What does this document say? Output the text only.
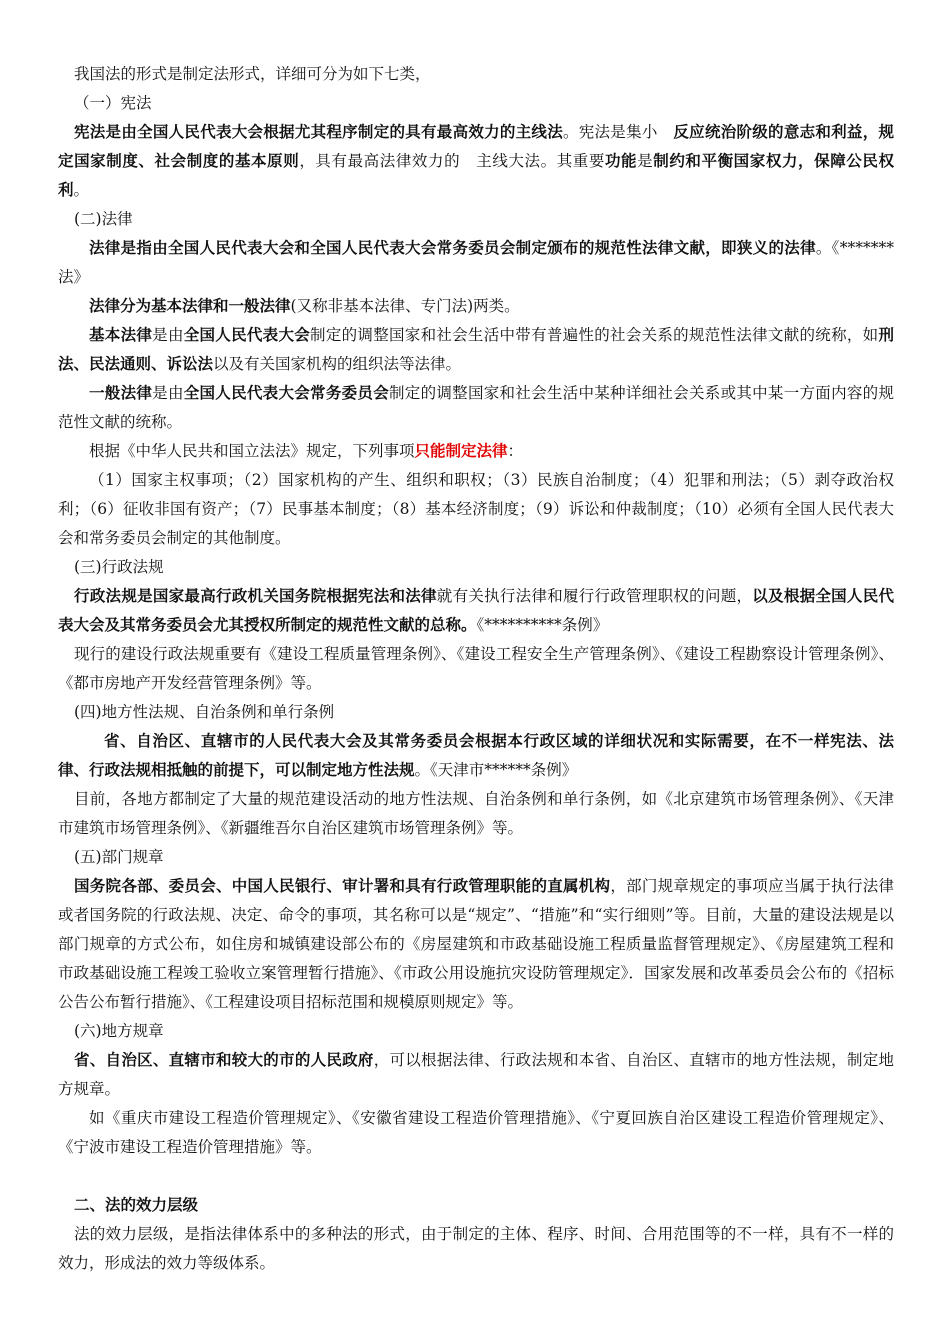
我国法的形式是制定法形式，详细可分为如下七类，

（一）宪法

宪法是由全国人民代表大会根据尤其程序制定的具有最高效力的主线法。宪法是集小　反应统治阶级的意志和利益，规定国家制度、社会制度的基本原则，具有最高法律效力的　主线大法。其重要功能是制约和平衡国家权力，保障公民权利。

(二)法律

法律是指由全国人民代表大会和全国人民代表大会常务委员会制定颁布的规范性法律文献，即狭义的法律。《*******法》

法律分为基本法律和一般法律(又称非基本法律、专门法)两类。

基本法律是由全国人民代表大会制定的调整国家和社会生活中带有普遍性的社会关系的规范性法律文献的统称，如刑法、民法通则、诉讼法以及有关国家机构的组织法等法律。

一般法律是由全国人民代表大会常务委员会制定的调整国家和社会生活中某种详细社会关系或其中某一方面内容的规范性文献的统称。

根据《中华人民共和国立法法》规定，下列事项只能制定法律：

（1）国家主权事项；（2）国家机构的产生、组织和职权；（3）民族自治制度；（4）犯罪和刑法；（5）剥夺政治权利；（6）征收非国有资产；（7）民事基本制度；（8）基本经济制度；（9）诉讼和仲裁制度；（10）必须有全国人民代表大会和常务委员会制定的其他制度。

(三)行政法规

行政法规是国家最高行政机关国务院根据宪法和法律就有关执行法律和履行行政管理职权的问题，以及根据全国人民代表大会及其常务委员会尤其授权所制定的规范性文献的总称。《**********条例》

现行的建设行政法规重要有《建设工程质量管理条例》、《建设工程安全生产管理条例》、《建设工程勘察设计管理条例》、《都市房地产开发经营管理条例》等。

(四)地方性法规、自治条例和单行条例

省、自治区、直辖市的人民代表大会及其常务委员会根据本行政区域的详细状况和实际需要，在不一样宪法、法律、行政法规相抵触的前提下，可以制定地方性法规。《天津市******条例》

目前，各地方都制定了大量的规范建设活动的地方性法规、自治条例和单行条例，如《北京建筑市场管理条例》、《天津市建筑市场管理条例》、《新疆维吾尔自治区建筑市场管理条例》等。

(五)部门规章

国务院各部、委员会、中国人民银行、审计署和具有行政管理职能的直属机构，部门规章规定的事项应当属于执行法律或者国务院的行政法规、决定、命令的事项，其名称可以是“规定”、“措施”和“实行细则”等。目前，大量的建设法规是以部门规章的方式公布，如住房和城镇建设部公布的《房屋建筑和市政基础设施工程质量监督管理规定》、《房屋建筑工程和市政基础设施工程竣工验收立案管理暂行措施》、《市政公用设施抗灾设防管理规定》．国家发展和改革委员会公布的《招标公告公布暂行措施》、《工程建设项目招标范围和规模原则规定》等。

(六)地方规章

省、自治区、直辖市和较大的市的人民政府，可以根据法律、行政法规和本省、自治区、直辖市的地方性法规，制定地方规章。

如《重庆市建设工程造价管理规定》、《安徽省建设工程造价管理措施》、《宁夏回族自治区建设工程造价管理规定》、《宁波市建设工程造价管理措施》等。

二、法的效力层级

法的效力层级，是指法律体系中的多种法的形式，由于制定的主体、程序、时间、合用范围等的不一样，具有不一样的效力，形成法的效力等级体系。
